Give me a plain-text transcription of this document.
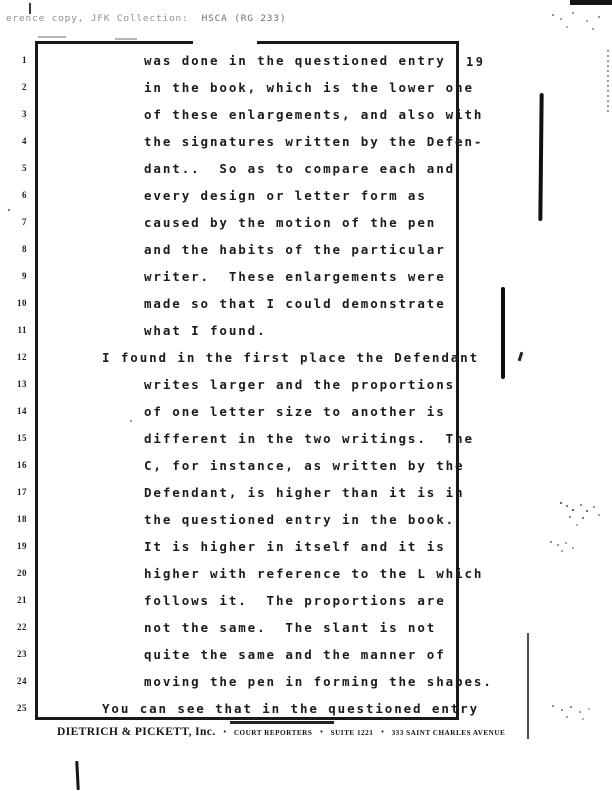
erence copy, JFK Collection: HSCA (RG 233)
19
1	was done in the questioned entry
2	in the book, which is the lower one
3	of these enlargements, and also with
4	the signatures written by the Defen-
5	dant..  So as to compare each and
6	every design or letter form as
7	caused by the motion of the pen
8	and the habits of the particular
9	writer.  These enlargements were
10	made so that I could demonstrate
11	what I found.
12	I found in the first place the Defendant
13	writes larger and the proportions
14	of one letter size to another is
15	different in the two writings.  The
16	C, for instance, as written by the
17	Defendant, is higher than it is in
18	the questioned entry in the book.
19	It is higher in itself and it is
20	higher with reference to the L which
21	follows it.  The proportions are
22	not the same.  The slant is not
23	quite the same and the manner of
24	moving the pen in forming the shapes.
25	You can see that in the questioned entry
DIETRICH & PICKETT, Inc. • COURT REPORTERS • SUITE 1221 • 333 SAINT CHARLES AVENUE
